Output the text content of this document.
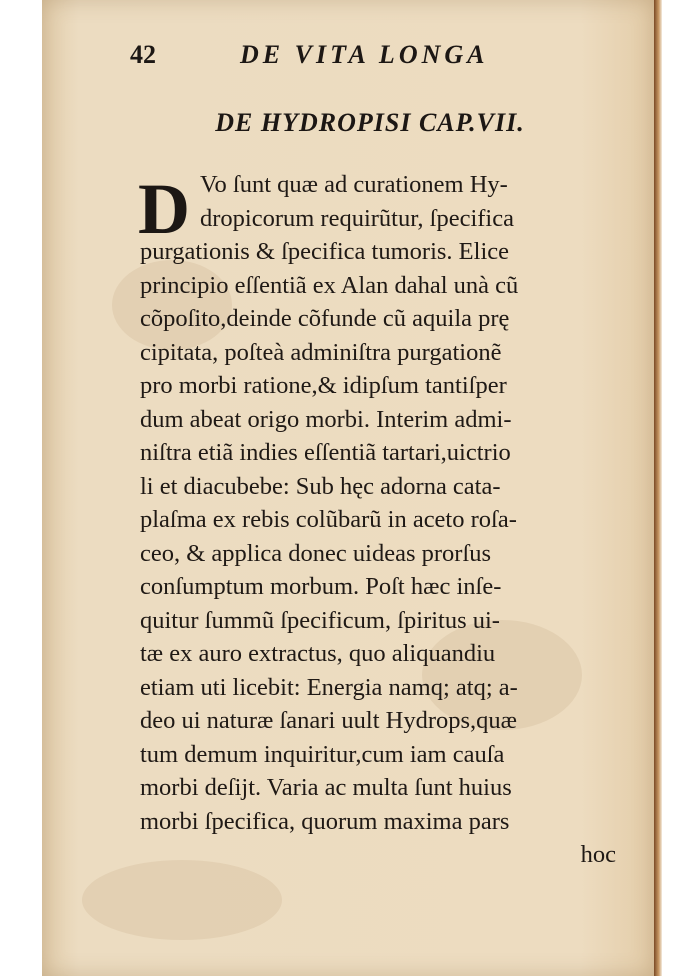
42	DE VITA LONGA
DE HYDROPISI CAP.VII.
D Vo ſunt quæ ad curationem Hy-
dropicorum requirũtur, ſpecifica
purgationis & ſpecifica tumoris. Elice
principio eſſentiã ex Alan dahal unà cũ
cõpoſito,deinde cõfunde cũ aquila prę
cipitata, poſteà adminiſtra purgationẽ
pro morbi ratione,& idipſum tantiſper
dum abeat origo morbi. Interim admi-
niſtra etiã indies eſſentiã tartari,uictrio
li et diacubebe: Sub hęc adorna cata-
plaſma ex rebis colũbarũ in aceto roſa-
ceo, & applica donec uideas prorſus
conſumptum morbum. Poſt hæc inſe-
quitur ſummũ ſpecificum, ſpiritus ui-
tæ ex auro extractus, quo aliquandiu
etiam uti licebit: Energia namq; atq; a-
deo ui naturæ ſanari uult Hydrops,quæ
tum demum inquiritur,cum iam cauſa
morbi deſijt. Varia ac multa ſunt huius
morbi ſpecifica, quorum maxima pars
hoc
